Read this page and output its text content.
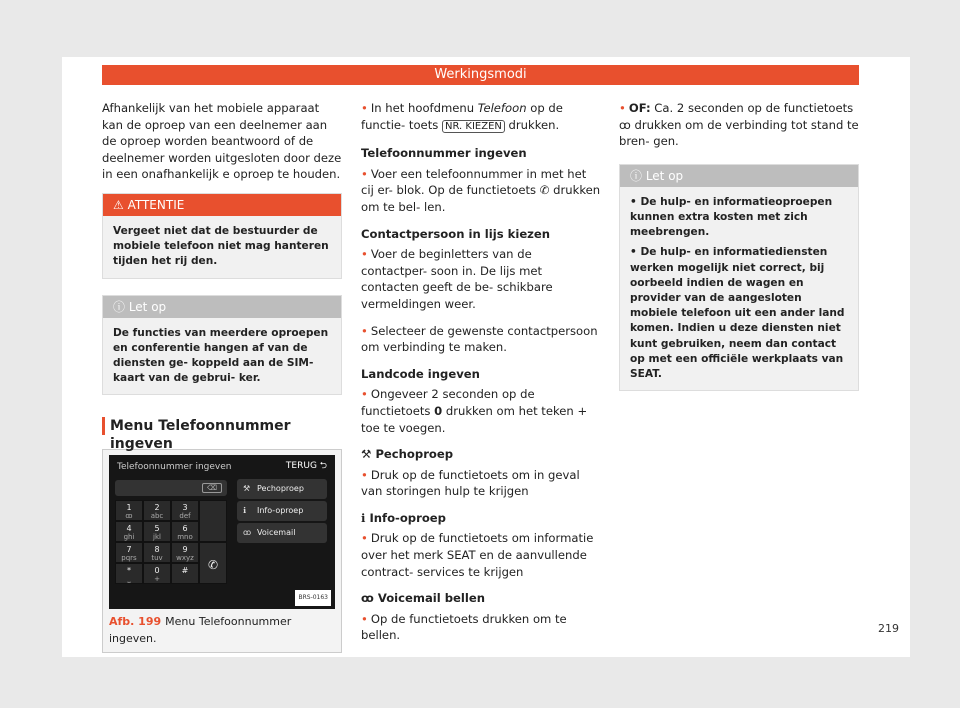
Werkingsmodi

Afhankelijk van het mobiele apparaat kan de oproep van een deelnemer aan de oproep worden beantwoord of de deelnemer worden uitgesloten door deze in een onafhankelijk e oproep te houden.

⚠ ATTENTIE
Vergeet niet dat de bestuurder de mobiele telefoon niet mag hanteren tijden het rij den.
ⓘ Let op
De functies van meerdere oproepen en conferentie hangen af van de diensten ge- koppeld aan de SIM-kaart van de gebrui- ker.
Menu Telefoonnummer ingeven
Telefoonnummer ingeven	TERUG ⮌
⌫
1
ꝏ
2
abc
3
def
4
ghi
5
jkl
6
mno
7
pqrs
8
tuv
9
wxyz
*
⎵
0
+
#	✆
⚒ Pechoproep
ℹ Info-oproep
ꝏ Voicemail
BRS-0163
Afb. 199 Menu Telefoonnummer ingeven.

• In het hoofdmenu Telefoon op de functie- toets NR. KIEZEN drukken.

Telefoonnummer ingeven

• Voer een telefoonnummer in met het cij er- blok. Op de functietoets ✆ drukken om te bel- len.

Contactpersoon in lijs kiezen

• Voer de beginletters van de contactper- soon in. De lijs met contacten geeft de be- schikbare vermeldingen weer.

• Selecteer de gewenste contactpersoon om verbinding te maken.

Landcode ingeven

• Ongeveer 2 seconden op de functietoets 0 drukken om het teken + toe te voegen.

⚒ Pechoproep

• Druk op de functietoets om in geval van storingen hulp te krijgen

ℹ Info-oproep

• Druk op de functietoets om informatie over het merk SEAT en de aanvullende contract- services te krijgen

ꝏ Voicemail bellen

• Op de functietoets drukken om te bellen.

• OF: Ca. 2 seconden op de functietoets ꝏ drukken om de verbinding tot stand te bren- gen.

ⓘ Let op
• De hulp- en informatieoproepen kunnen extra kosten met zich meebrengen.
• De hulp- en informatiediensten werken mogelijk niet correct, bij oorbeeld indien de wagen en provider van de aangesloten mobiele telefoon uit een ander land komen. Indien u deze diensten niet kunt gebruiken, neem dan contact op met een officiële werkplaats van SEAT.
219
